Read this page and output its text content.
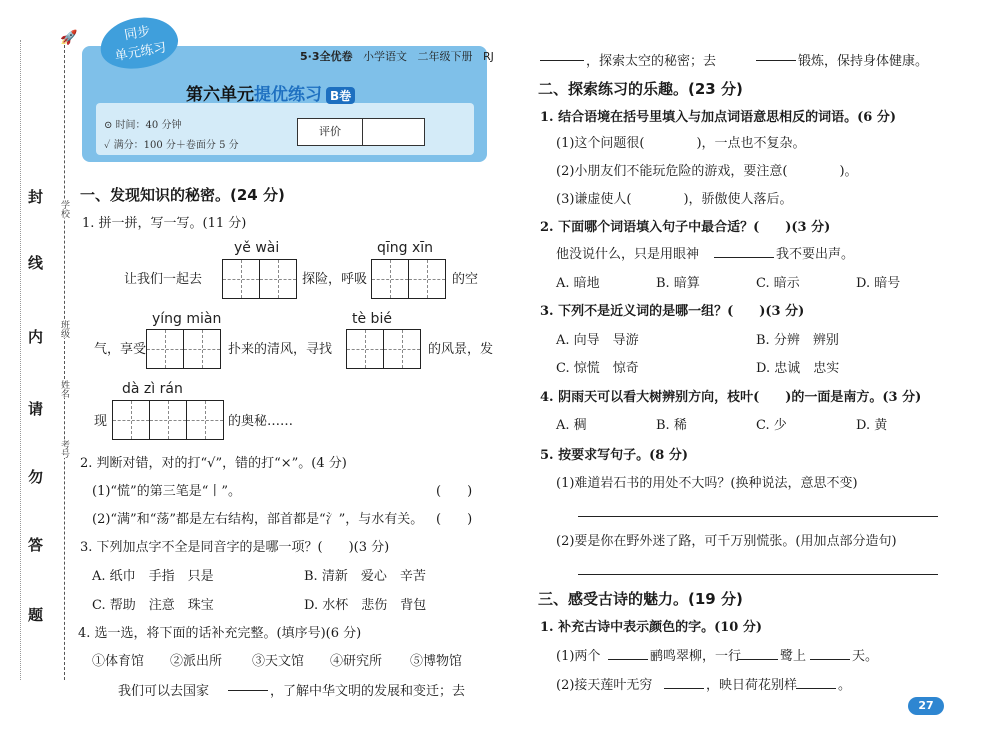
封
线
内
请
勿
答
题
学校
班级
姓名
考号
🚀	同步
单元练习	5·3全优卷 小学语文 二年级下册 RJ
第六单元提优练习 B卷
⊙ 时间：40 分钟
✓ 满分：100 分＋卷面分 5 分
评价
一、发现知识的秘密。(24 分)
1. 拼一拼，写一写。(11 分)
yě wài	qīng xīn
让我们一起去	探险，呼吸	的空
yíng miàn	tè bié
气，享受	扑来的清风，寻找	的风景，发
dà zì rán
现	的奥秘……
2. 判断对错，对的打“√”，错的打“×”。(4 分)
(1)“慌”的第三笔是“丨”。	(　　)
(2)“满”和“荡”都是左右结构，部首都是“氵”，与水有关。 (　　)
3. 下列加点字不全是同音字的是哪一项？(　　)(3 分)
A. 纸巾　手指　只是	B. 清新　爱心　辛苦
C. 帮助　注意　珠宝	D. 水杯　悲伤　背包
4. 选一选，将下面的话补充完整。(填序号)(6 分)
①体育馆 ②派出所 ③天文馆 ④研究所 ⑤博物馆
我们可以去国家	，了解中华文明的发展和变迁；去
，探索太空的秘密；去	锻炼，保持身体健康。
二、探索练习的乐趣。(23 分)
1. 结合语境在括号里填入与加点词语意思相反的词语。(6 分)
(1)这个问题很(　　　　)，一点也不复杂。
(2)小朋友们不能玩危险的游戏，要注意(　　　　)。
(3)谦虚使人(　　　　)，骄傲使人落后。
2. 下面哪个词语填入句子中最合适？(　　)(3 分)
他没说什么，只是用眼神	我不要出声。
A. 暗地	B. 暗算	C. 暗示	D. 暗号
3. 下列不是近义词的是哪一组？(　　)(3 分)
A. 向导　导游	B. 分辨　辨别
C. 惊慌　惊奇	D. 忠诚　忠实
4. 阴雨天可以看大树辨别方向，枝叶(　　)的一面是南方。(3 分)
A. 稠	B. 稀	C. 少	D. 黄
5. 按要求写句子。(8 分)
(1)难道岩石书的用处不大吗？(换种说法，意思不变)
(2)要是你在野外迷了路，可千万别慌张。(用加点部分造句)
三、感受古诗的魅力。(19 分)
1. 补充古诗中表示颜色的字。(10 分)
(1)两个	鹂鸣翠柳，一行	鹭上	天。
(2)接天莲叶无穷	，映日荷花别样	。
27
